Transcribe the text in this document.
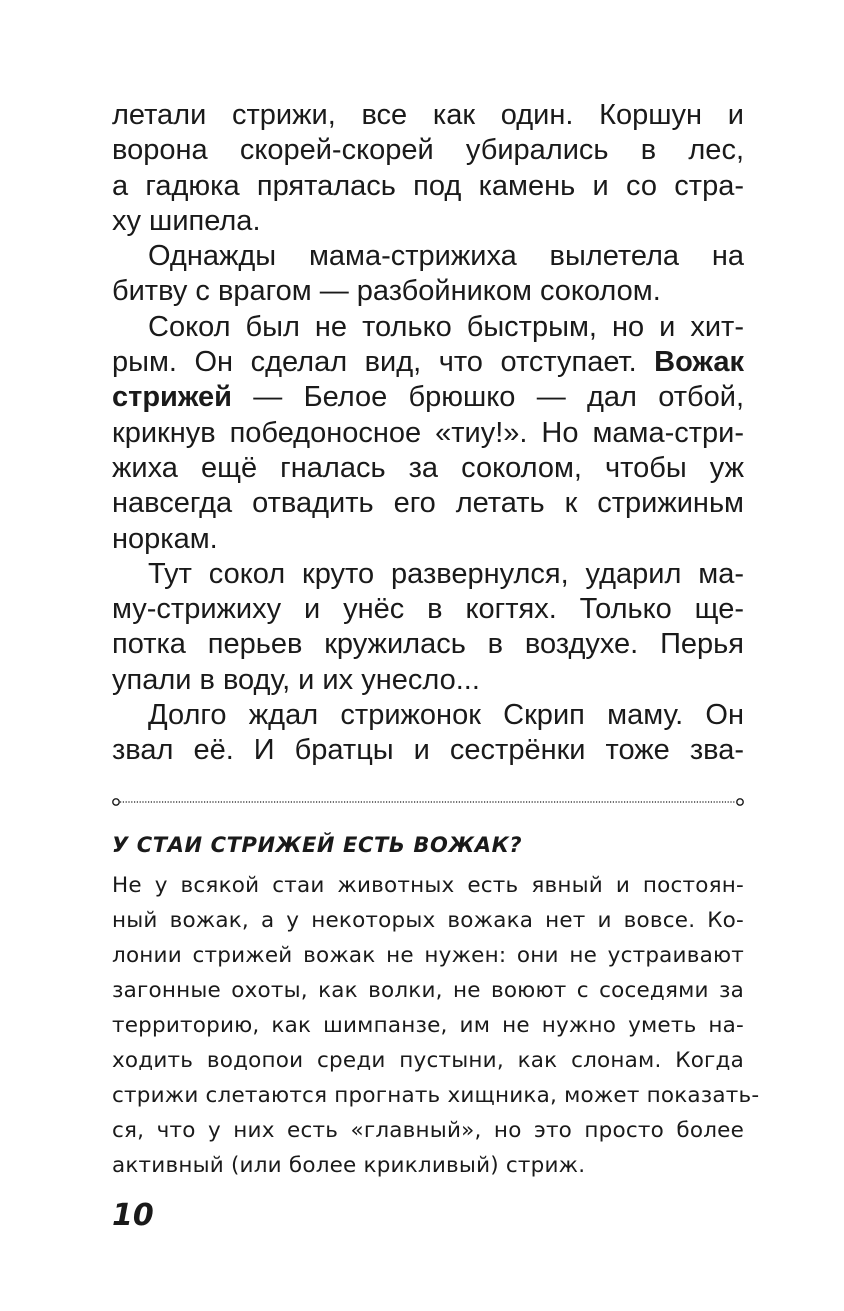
летали стрижи, все как один. Коршун и
ворона скорей-скорей убирались в лес,
а гадюка пряталась под камень и со стра-
ху шипела.
Однажды мама-стрижиха вылетела на
битву с врагом — разбойником соколом.
Сокол был не только быстрым, но и хит-
рым. Он сделал вид, что отступает. Вожак
стрижей — Белое брюшко — дал отбой,
крикнув победоносное «тиу!». Но мама-стри-
жиха ещё гналась за соколом, чтобы уж
навсегда отвадить его летать к стрижиньм
норкам.
Тут сокол круто развернулся, ударил ма-
му-стрижиху и унёс в когтях. Только ще-
потка перьев кружилась в воздухе. Перья
упали в воду, и их унесло...
Долго ждал стрижонок Скрип маму. Он
звал её. И братцы и сестрёнки тоже зва-
У СТАИ СТРИЖЕЙ ЕСТЬ ВОЖАК?
Не у всякой стаи животных есть явный и постоян-
ный вожак, а у некоторых вожака нет и вовсе. Ко-
лонии стрижей вожак не нужен: они не устраивают
загонные охоты, как волки, не воюют с соседями за
территорию, как шимпанзе, им не нужно уметь на-
ходить водопои среди пустыни, как слонам. Когда
стрижи слетаются прогнать хищника, может показать-
ся, что у них есть «главный», но это просто более
активный (или более крикливый) стриж.
10
